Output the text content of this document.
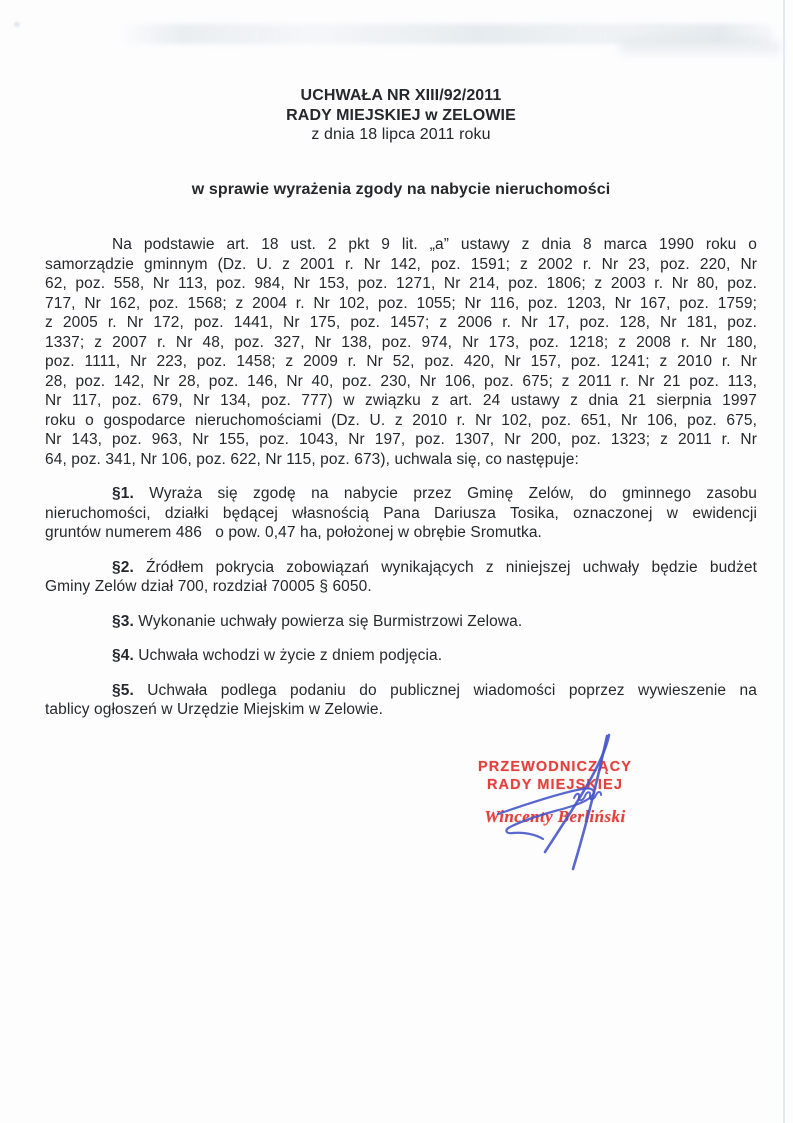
UCHWAŁA NR XIII/92/2011
RADY MIEJSKIEJ w ZELOWIE
z dnia 18 lipca 2011 roku
w sprawie wyrażenia zgody na nabycie nieruchomości
Na podstawie art. 18 ust. 2 pkt 9 lit. „a” ustawy z dnia 8 marca 1990 roku o
samorządzie gminnym (Dz. U. z 2001 r. Nr 142, poz. 1591; z 2002 r. Nr 23, poz. 220, Nr
62, poz. 558, Nr 113, poz. 984, Nr 153, poz. 1271, Nr 214, poz. 1806; z 2003 r. Nr 80, poz.
717, Nr 162, poz. 1568; z 2004 r. Nr 102, poz. 1055; Nr 116, poz. 1203, Nr 167, poz. 1759;
z 2005 r. Nr 172, poz. 1441, Nr 175, poz. 1457; z 2006 r. Nr 17, poz. 128, Nr 181, poz.
1337; z 2007 r. Nr 48, poz. 327, Nr 138, poz. 974, Nr 173, poz. 1218; z 2008 r. Nr 180,
poz. 1111, Nr 223, poz. 1458; z 2009 r. Nr 52, poz. 420, Nr 157, poz. 1241; z 2010 r. Nr
28, poz. 142, Nr 28, poz. 146, Nr 40, poz. 230, Nr 106, poz. 675; z 2011 r. Nr 21 poz. 113,
Nr 117, poz. 679, Nr 134, poz. 777) w związku z art. 24 ustawy z dnia 21 sierpnia 1997
roku o gospodarce nieruchomościami (Dz. U. z 2010 r. Nr 102, poz. 651, Nr 106, poz. 675,
Nr 143, poz. 963, Nr 155, poz. 1043, Nr 197, poz. 1307, Nr 200, poz. 1323; z 2011 r. Nr
64, poz. 341, Nr 106, poz. 622, Nr 115, poz. 673), uchwala się, co następuje:
§1. Wyraża się zgodę na nabycie przez Gminę Zelów, do gminnego zasobu
nieruchomości, działki będącej własnością Pana Dariusza Tosika, oznaczonej w ewidencji
gruntów numerem 486   o pow. 0,47 ha, położonej w obrębie Sromutka.
§2. Źródłem pokrycia zobowiązań wynikających z niniejszej uchwały będzie budżet
Gminy Zelów dział 700, rozdział 70005 § 6050.
§3. Wykonanie uchwały powierza się Burmistrzowi Zelowa.
§4. Uchwała wchodzi w życie z dniem podjęcia.
§5. Uchwała podlega podaniu do publicznej wiadomości poprzez wywieszenie na
tablicy ogłoszeń w Urzędzie Miejskim w Zelowie.
PRZEWODNICZĄCY
RADY MIEJSKIEJ
Wincenty Berliński
